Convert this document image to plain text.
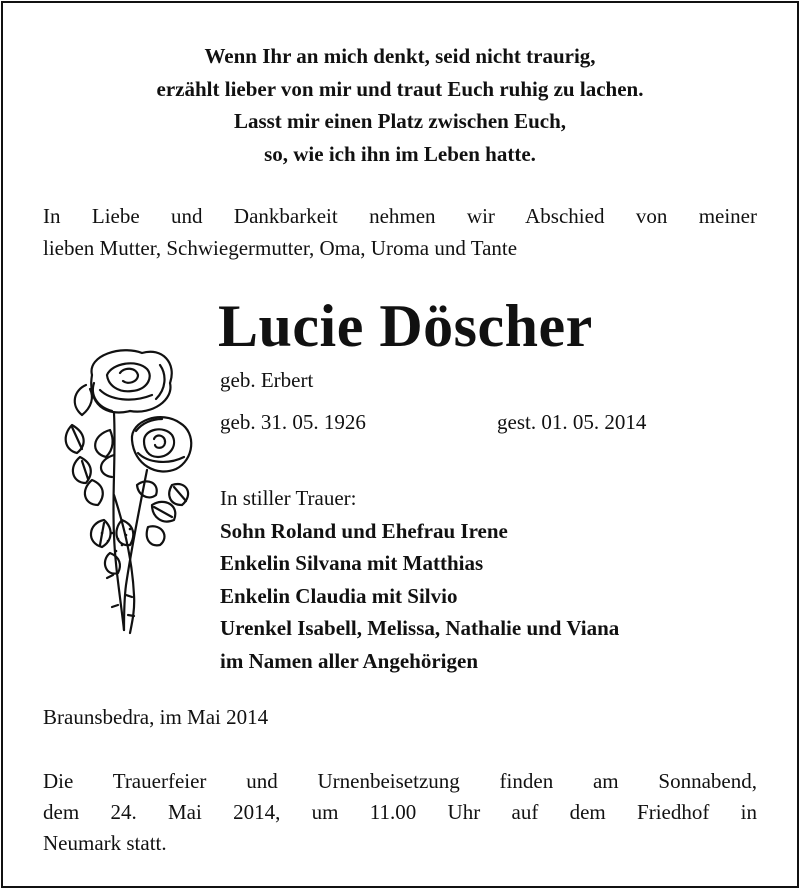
Wenn Ihr an mich denkt, seid nicht traurig,
erzählt lieber von mir und traut Euch ruhig zu lachen.
Lasst mir einen Platz zwischen Euch,
so, wie ich ihn im Leben hatte.
In Liebe und Dankbarkeit nehmen wir Abschied von meiner
lieben Mutter, Schwiegermutter, Oma, Uroma und Tante
Lucie Döscher
geb. Erbert
geb. 31. 05. 1926	gest. 01. 05. 2014
In stiller Trauer:
Sohn Roland und Ehefrau Irene
Enkelin Silvana mit Matthias
Enkelin Claudia mit Silvio
Urenkel Isabell, Melissa, Nathalie und Viana
im Namen aller Angehörigen
Braunsbedra, im Mai 2014
Die Trauerfeier und Urnenbeisetzung finden am Sonnabend,
dem 24. Mai 2014, um 11.00 Uhr auf dem Friedhof in
Neumark statt.
